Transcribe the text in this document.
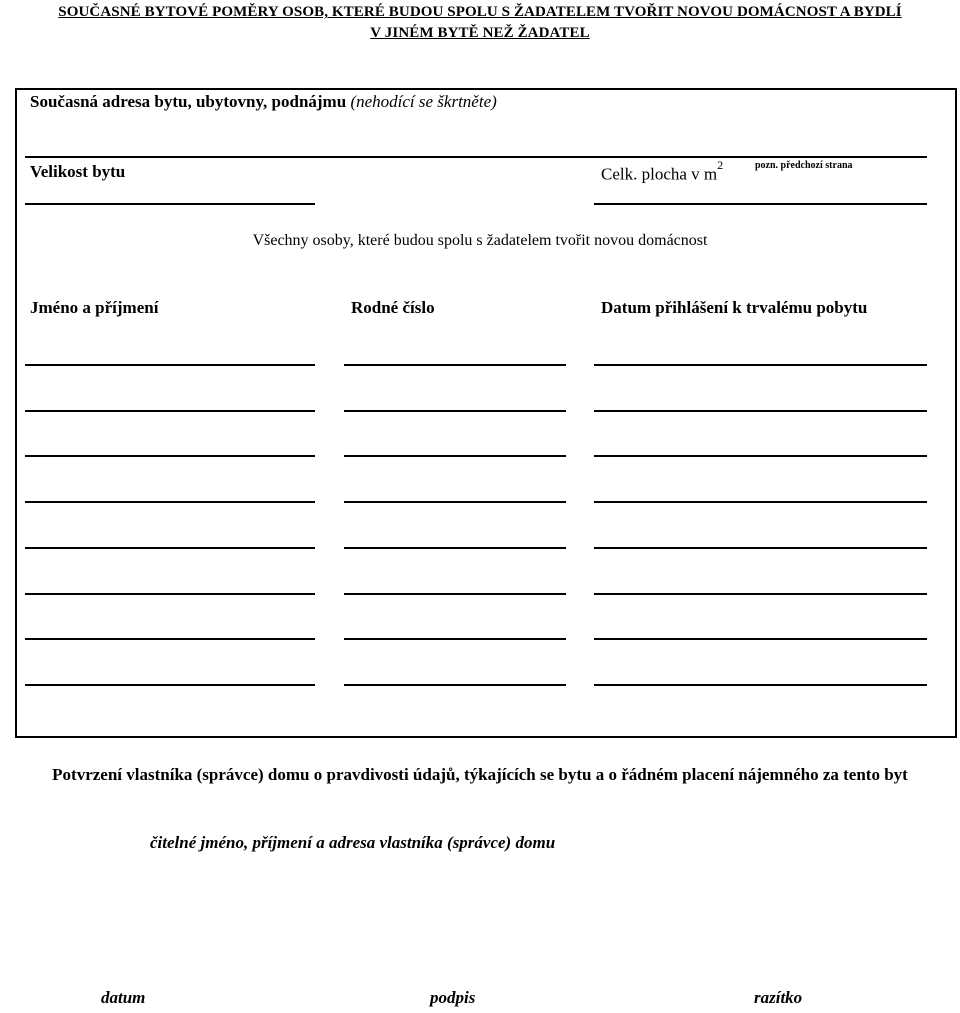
SOUČASNÉ BYTOVÉ POMĚRY OSOB, KTERÉ BUDOU SPOLU S ŽADATELEM TVOŘIT NOVOU DOMÁCNOST A BYDLÍ
V JINÉM BYTĚ NEŽ ŽADATEL
Současná adresa bytu, ubytovny, podnájmu (nehodící se škrtněte)
Velikost bytu	Celk. plocha v $m^2$	pozn. předchozí strana
Všechny osoby, které budou spolu s žadatelem tvořit novou domácnost
Jméno a příjmení	Rodné číslo	Datum přihlášení k trvalému pobytu
Potvrzení vlastníka (správce) domu o pravdivosti údajů, týkajících se bytu a o řádném placení nájemného za tento byt
čitelné jméno, příjmení a adresa vlastníka (správce) domu
datum	podpis	razítko
